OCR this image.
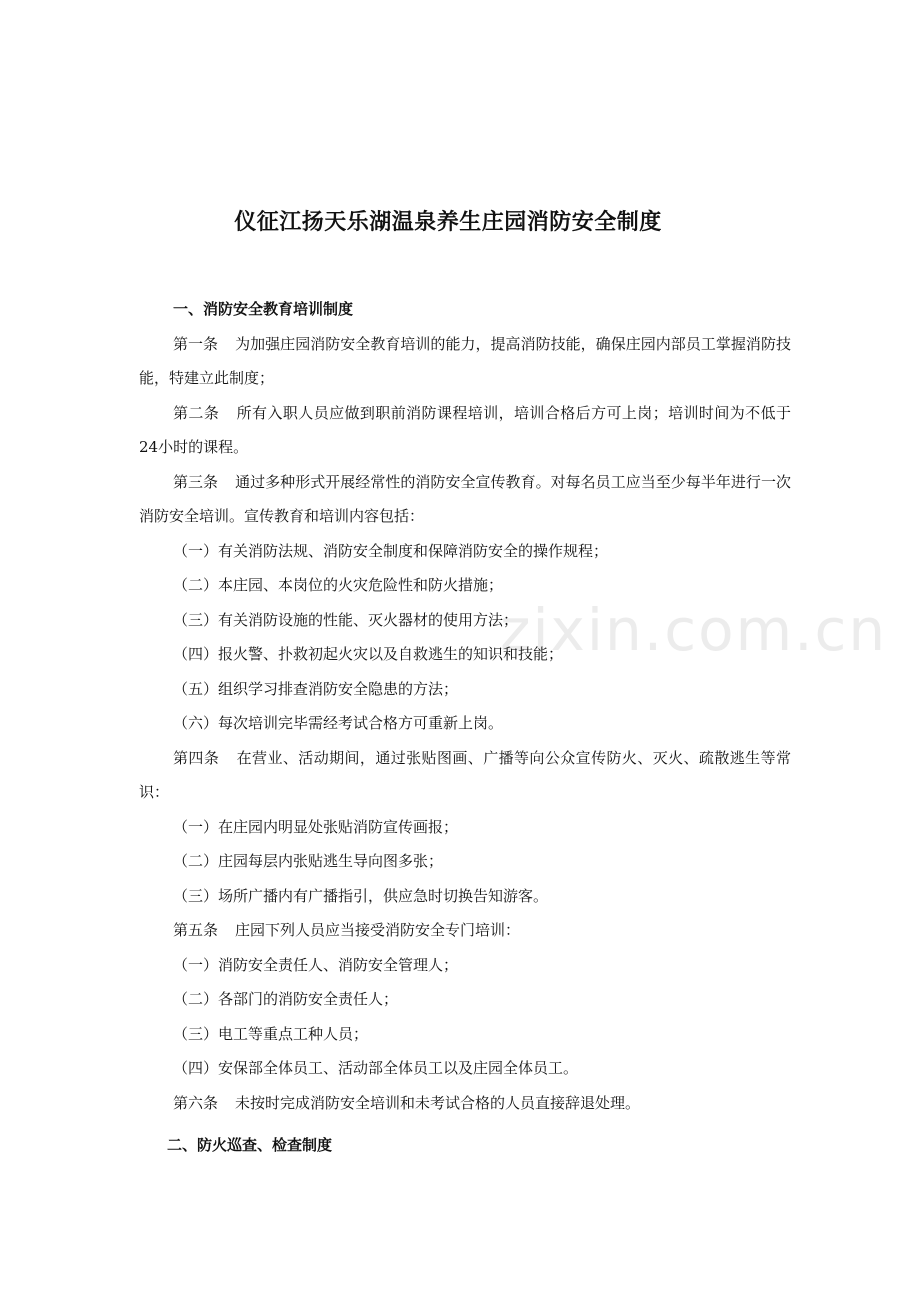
zixin.com.cn
仪征江扬天乐湖温泉养生庄园消防安全制度
一、消防安全教育培训制度

第一条 为加强庄园消防安全教育培训的能力，提高消防技能，确保庄园内部员工掌握消防技能，特建立此制度；

第二条 所有入职人员应做到职前消防课程培训，培训合格后方可上岗；培训时间为不低于24小时的课程。

第三条 通过多种形式开展经常性的消防安全宣传教育。对每名员工应当至少每半年进行一次消防安全培训。宣传教育和培训内容包括：

（一）有关消防法规、消防安全制度和保障消防安全的操作规程；
（二）本庄园、本岗位的火灾危险性和防火措施；
（三）有关消防设施的性能、灭火器材的使用方法；
（四）报火警、扑救初起火灾以及自救逃生的知识和技能；
（五）组织学习排查消防安全隐患的方法；
（六）每次培训完毕需经考试合格方可重新上岗。

第四条 在营业、活动期间，通过张贴图画、广播等向公众宣传防火、灭火、疏散逃生等常识：

（一）在庄园内明显处张贴消防宣传画报；
（二）庄园每层内张贴逃生导向图多张；
（三）场所广播内有广播指引，供应急时切换告知游客。

第五条 庄园下列人员应当接受消防安全专门培训：

（一）消防安全责任人、消防安全管理人；
（二）各部门的消防安全责任人；
（三）电工等重点工种人员；
（四）安保部全体员工、活动部全体员工以及庄园全体员工。

第六条 未按时完成消防安全培训和未考试合格的人员直接辞退处理。

二、防火巡查、检查制度
